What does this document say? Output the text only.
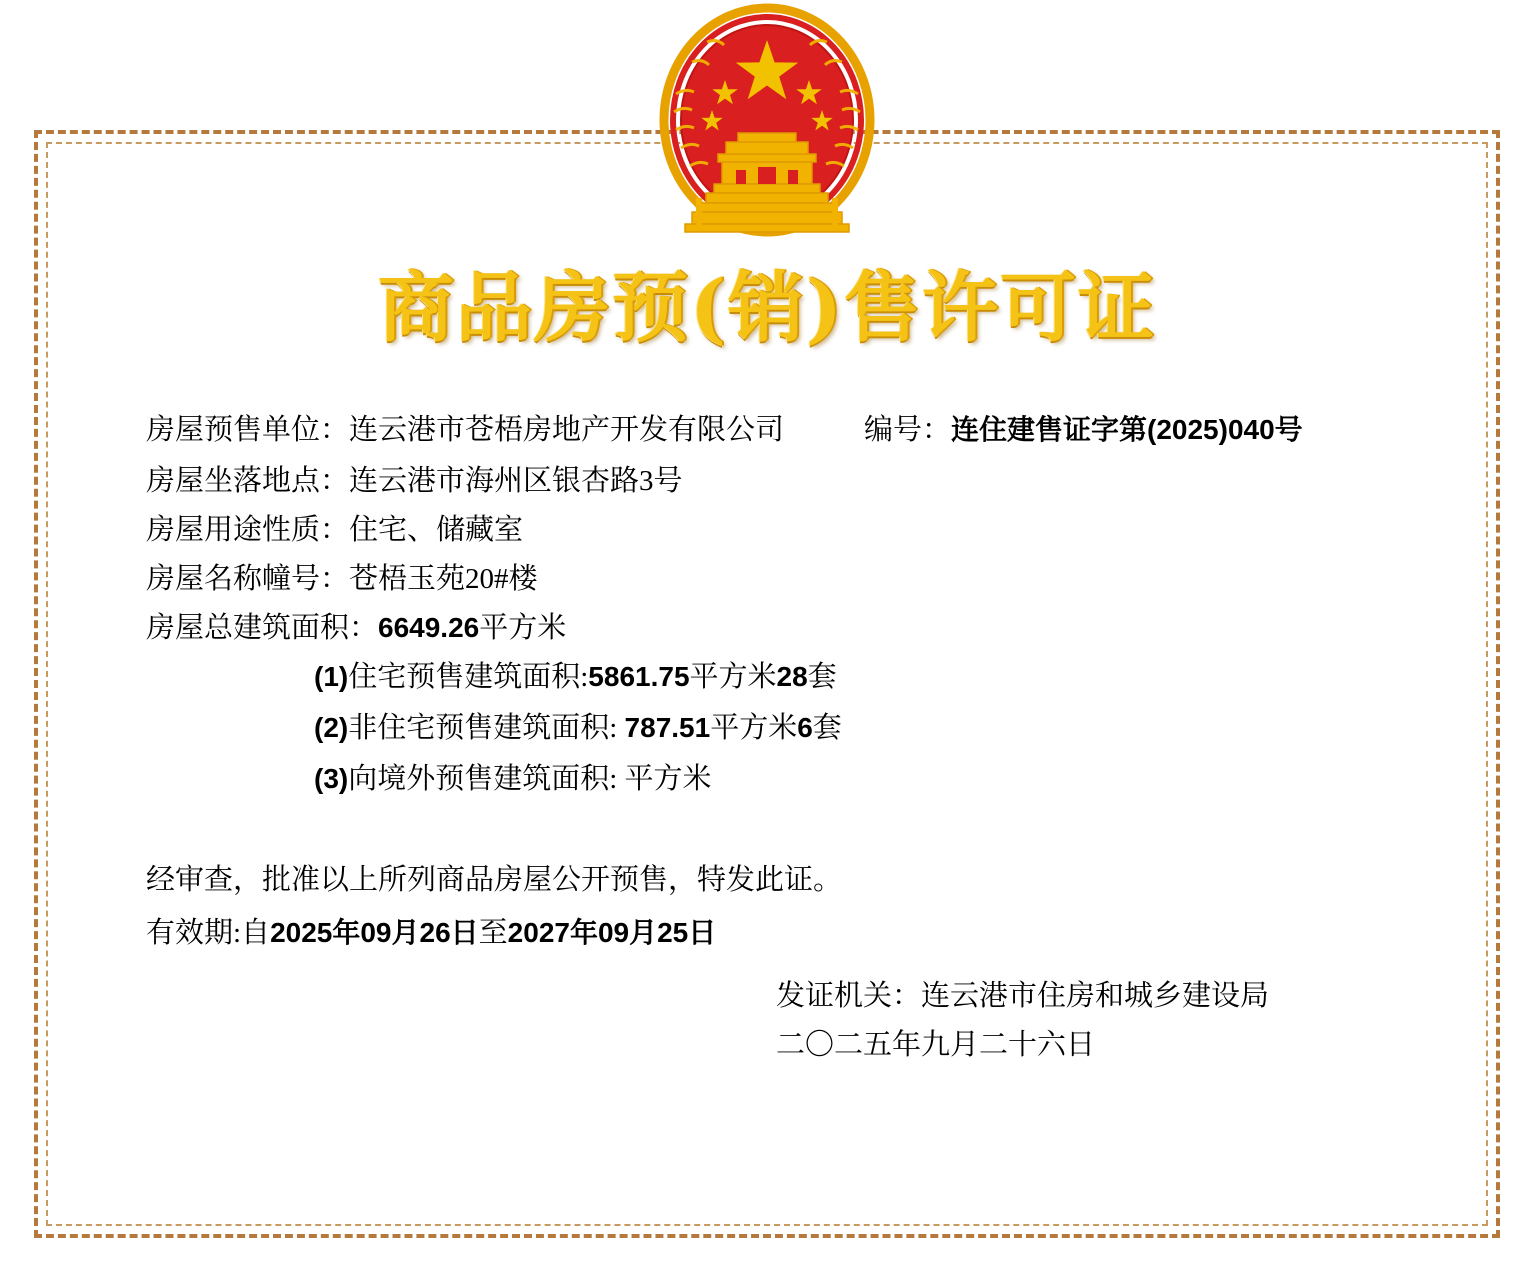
商品房预(销)售许可证
房屋预售单位： 连云港市苍梧房地产开发有限公司	编号：连住建售证字第(2025)040号
房屋坐落地点： 连云港市海州区银杏路3号
房屋用途性质： 住宅、储藏室
房屋名称幢号： 苍梧玉苑20#楼
房屋总建筑面积： 6649.26 平方米
(1)住宅预售建筑面积:5861.75平方米28套
(2)非住宅预售建筑面积: 787.51平方米6套
(3)向境外预售建筑面积: 平方米
经审查，批准以上所列商品房屋公开预售，特发此证。
有效期:自2025年09月26日至2027年09月25日
发证机关：连云港市住房和城乡建设局
二〇二五年九月二十六日
